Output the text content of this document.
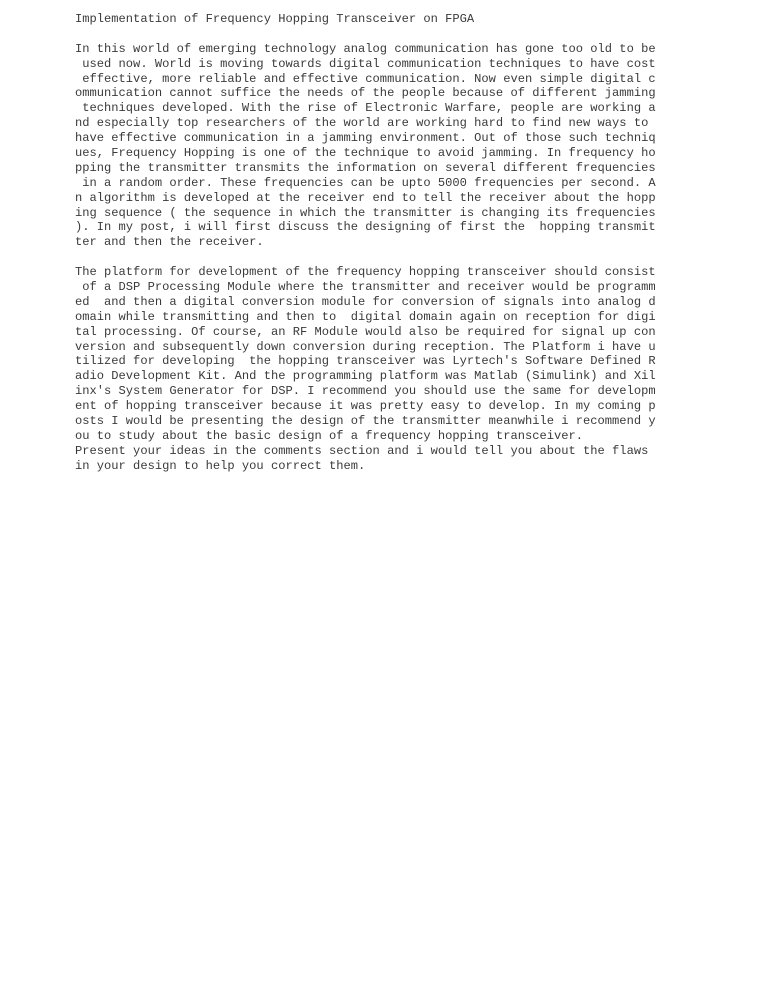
Implementation of Frequency Hopping Transceiver on FPGA
In this world of emerging technology analog communication has gone too old to be
used now. World is moving towards digital communication techniques to have cost
effective, more reliable and effective communication. Now even simple digital c
ommunication cannot suffice the needs of the people because of different jamming
techniques developed. With the rise of Electronic Warfare, people are working a
nd especially top researchers of the world are working hard to find new ways to
have effective communication in a jamming environment. Out of those such techniq
ues, Frequency Hopping is one of the technique to avoid jamming. In frequency ho
pping the transmitter transmits the information on several different frequencies
in a random order. These frequencies can be upto 5000 frequencies per second. A
n algorithm is developed at the receiver end to tell the receiver about the hopp
ing sequence ( the sequence in which the transmitter is changing its frequencies
). In my post, i will first discuss the designing of first the  hopping transmit
ter and then the receiver.
The platform for development of the frequency hopping transceiver should consist
of a DSP Processing Module where the transmitter and receiver would be programm
ed  and then a digital conversion module for conversion of signals into analog d
omain while transmitting and then to  digital domain again on reception for digi
tal processing. Of course, an RF Module would also be required for signal up con
version and subsequently down conversion during reception. The Platform i have u
tilized for developing  the hopping transceiver was Lyrtech's Software Defined R
adio Development Kit. And the programming platform was Matlab (Simulink) and Xil
inx's System Generator for DSP. I recommend you should use the same for developm
ent of hopping transceiver because it was pretty easy to develop. In my coming p
osts I would be presenting the design of the transmitter meanwhile i recommend y
ou to study about the basic design of a frequency hopping transceiver.
Present your ideas in the comments section and i would tell you about the flaws
in your design to help you correct them.
